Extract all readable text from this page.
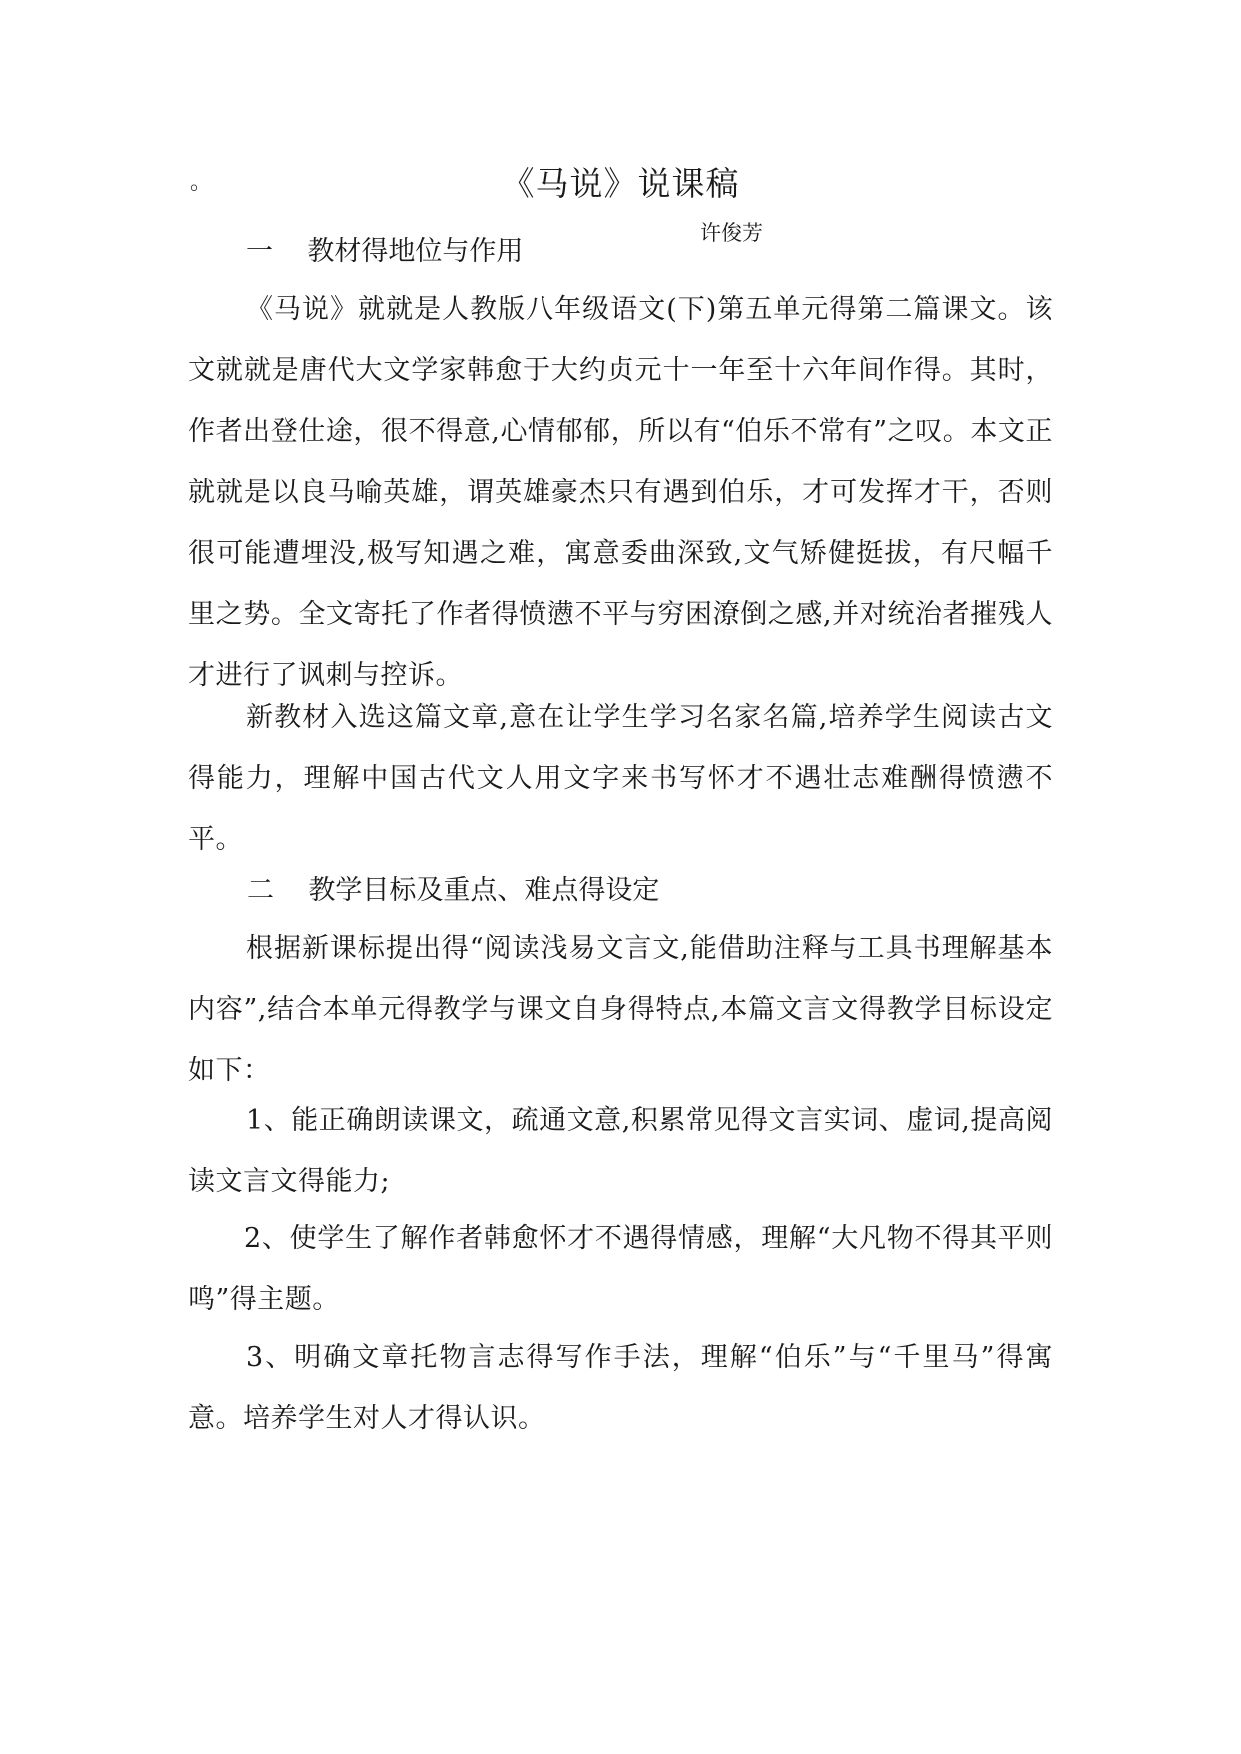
。	《马说》说课稿
许俊芳
一    教材得地位与作用
《马说》就就是人教版八年级语文(下)第五单元得第二篇课文。该文就就是唐代大文学家韩愈于大约贞元十一年至十六年间作得。其时，作者出登仕途，很不得意,心情郁郁，所以有“伯乐不常有”之叹。本文正就就是以良马喻英雄，谓英雄豪杰只有遇到伯乐，才可发挥才干，否则很可能遭埋没,极写知遇之难，寓意委曲深致,文气矫健挺拔，有尺幅千里之势。全文寄托了作者得愤懑不平与穷困潦倒之感,并对统治者摧残人才进行了讽刺与控诉。
新教材入选这篇文章,意在让学生学习名家名篇,培养学生阅读古文得能力，理解中国古代文人用文字来书写怀才不遇壮志难酬得愤懑不平。
二    教学目标及重点、难点得设定
根据新课标提出得“阅读浅易文言文,能借助注释与工具书理解基本内容”,结合本单元得教学与课文自身得特点,本篇文言文得教学目标设定如下：
1、能正确朗读课文，疏通文意,积累常见得文言实词、虚词,提高阅读文言文得能力;
2、使学生了解作者韩愈怀才不遇得情感，理解“大凡物不得其平则鸣”得主题。
3、明确文章托物言志得写作手法，理解“伯乐”与“千里马”得寓意。培养学生对人才得认识。
